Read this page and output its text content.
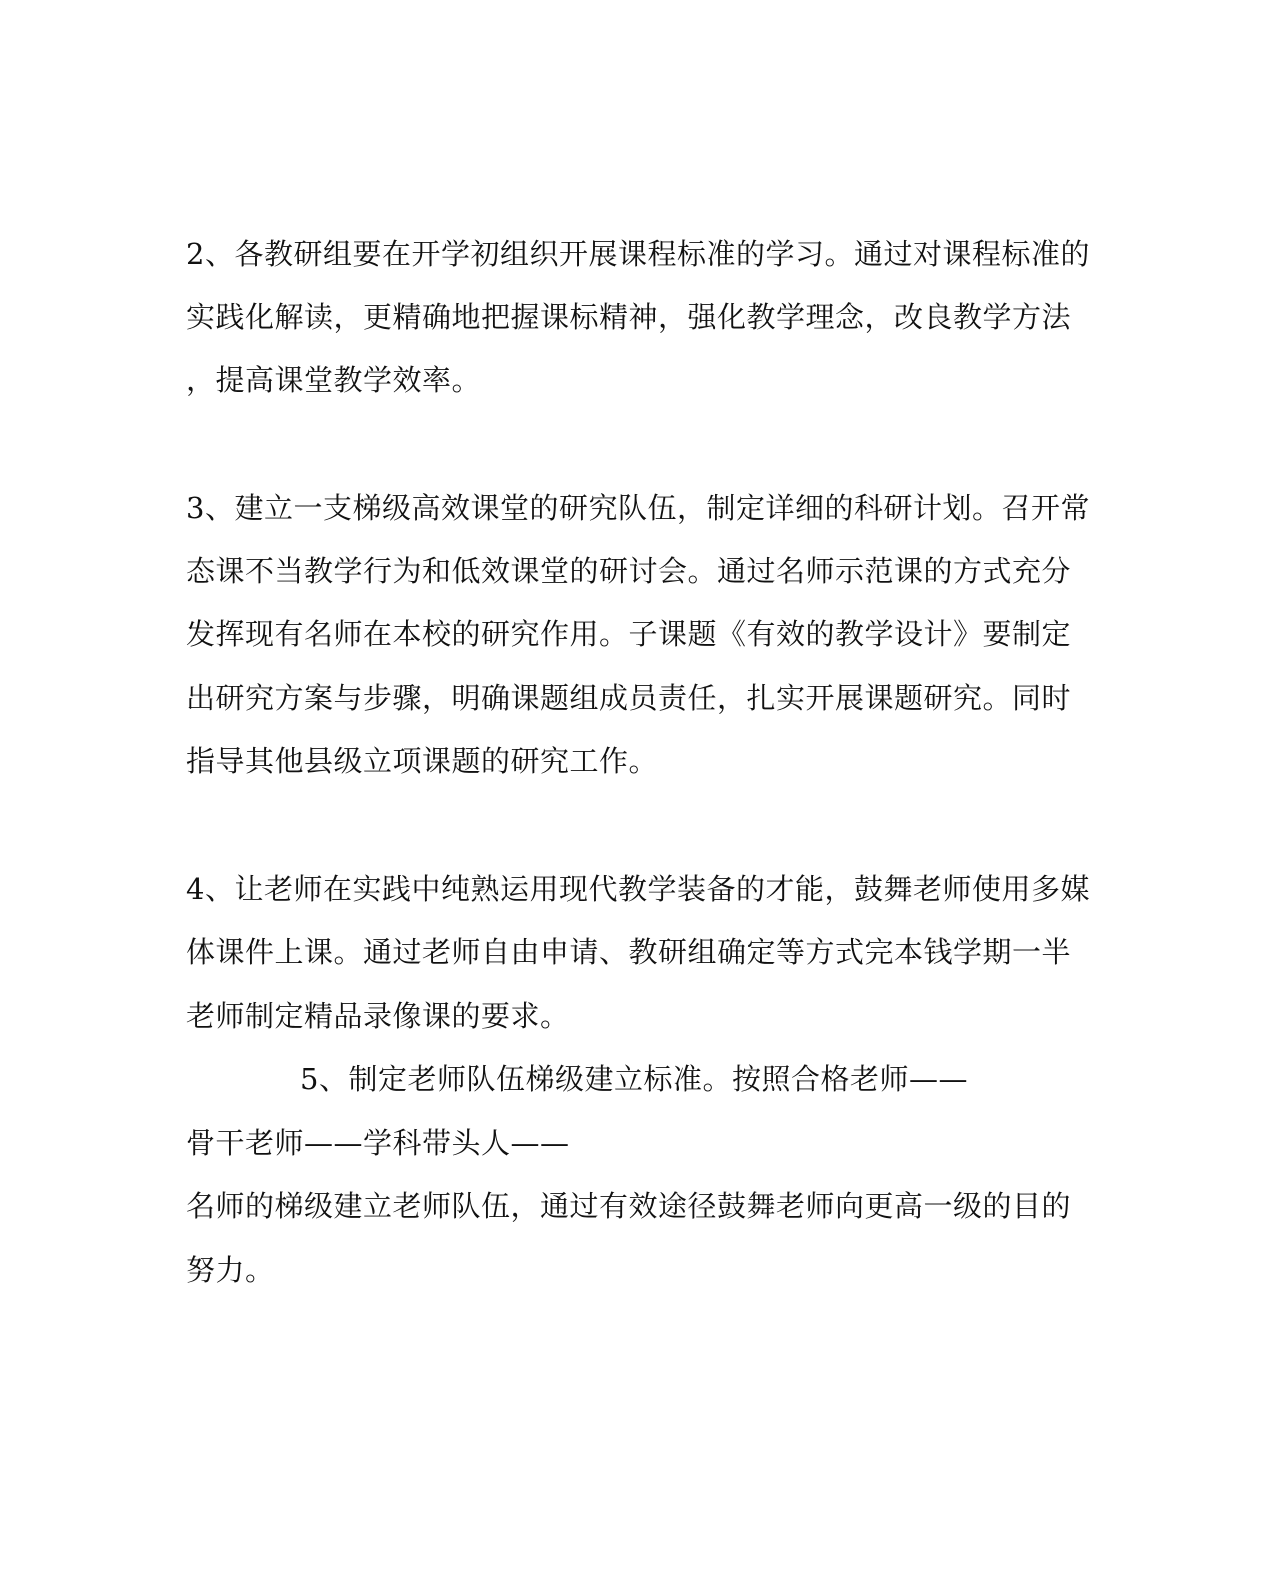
2、各教研组要在开学初组织开展课程标准的学习。通过对课程标准的
实践化解读，更精确地把握课标精神，强化教学理念，改良教学方法
，提高课堂教学效率。
3、建立一支梯级高效课堂的研究队伍，制定详细的科研计划。召开常
态课不当教学行为和低效课堂的研讨会。通过名师示范课的方式充分
发挥现有名师在本校的研究作用。子课题《有效的教学设计》要制定
出研究方案与步骤，明确课题组成员责任，扎实开展课题研究。同时
指导其他县级立项课题的研究工作。
4、让老师在实践中纯熟运用现代教学装备的才能，鼓舞老师使用多媒
体课件上课。通过老师自由申请、教研组确定等方式完本钱学期一半
老师制定精品录像课的要求。
5、制定老师队伍梯级建立标准。按照合格老师——
骨干老师——学科带头人——
名师的梯级建立老师队伍，通过有效途径鼓舞老师向更高一级的目的
努力。
